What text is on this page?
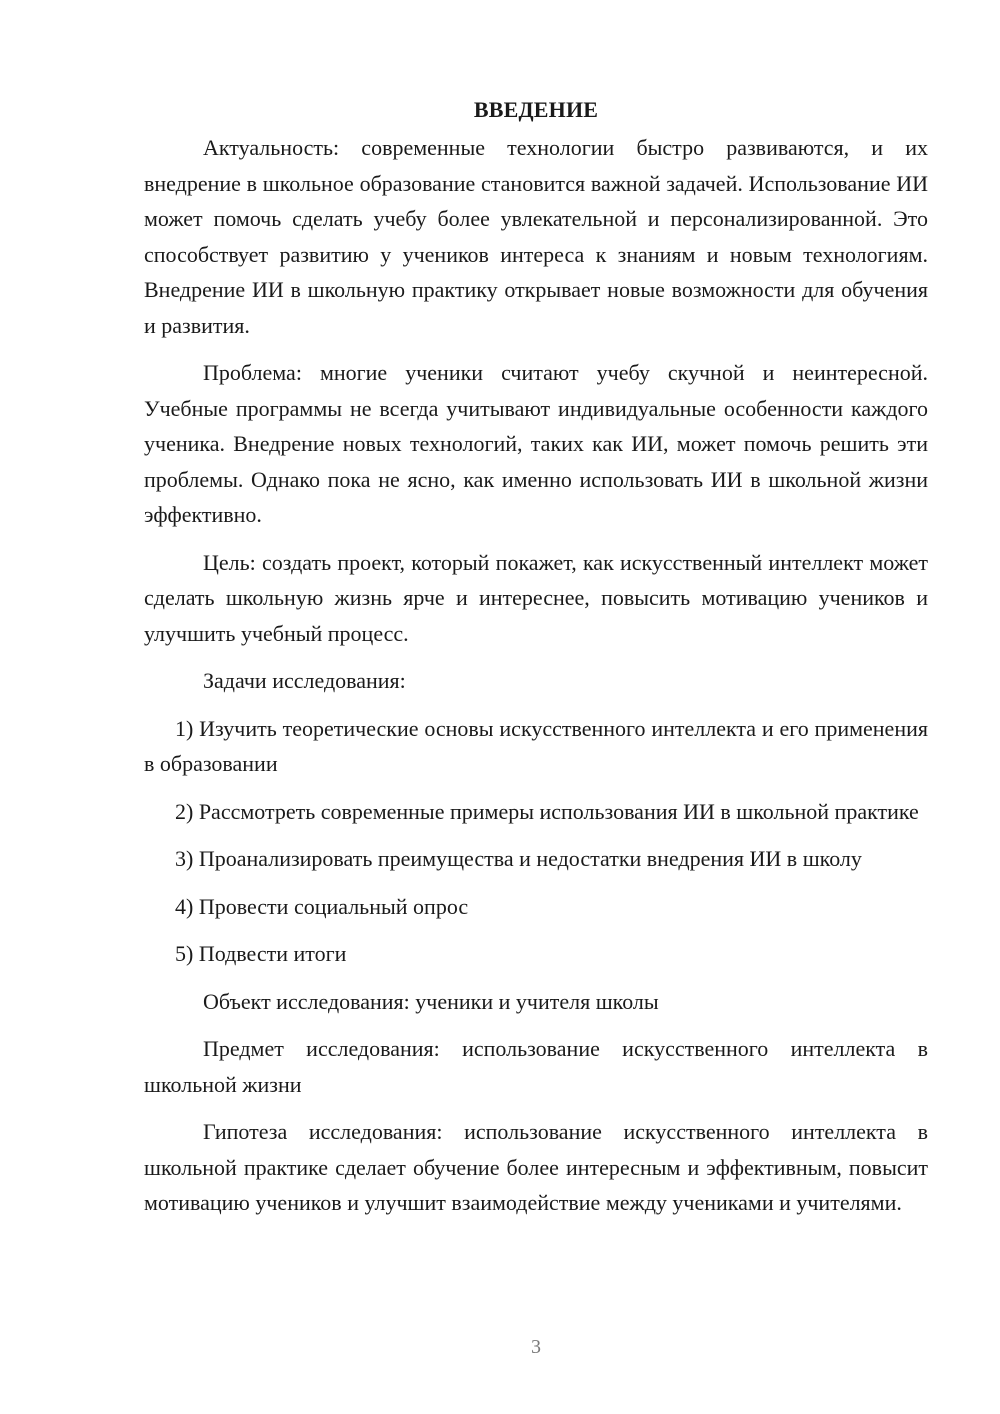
ВВЕДЕНИЕ

Актуальность: современные технологии быстро развиваются, и их внедрение в школьное образование становится важной задачей. Использование ИИ может помочь сделать учебу более увлекательной и персонализированной. Это способствует развитию у учеников интереса к знаниям и новым технологиям. Внедрение ИИ в школьную практику открывает новые возможности для обучения и развития.

Проблема: многие ученики считают учебу скучной и неинтересной. Учебные программы не всегда учитывают индивидуальные особенности каждого ученика. Внедрение новых технологий, таких как ИИ, может помочь решить эти проблемы. Однако пока не ясно, как именно использовать ИИ в школьной жизни эффективно.

Цель: создать проект, который покажет, как искусственный интеллект может сделать школьную жизнь ярче и интереснее, повысить мотивацию учеников и улучшить учебный процесс.

Задачи исследования:

1) Изучить теоретические основы искусственного интеллекта и его применения в образовании

2) Рассмотреть современные примеры использования ИИ в школьной практике

3) Проанализировать преимущества и недостатки внедрения ИИ в школу

4) Провести социальный опрос

5) Подвести итоги

Объект исследования: ученики и учителя школы

Предмет исследования: использование искусственного интеллекта в школьной жизни

Гипотеза исследования: использование искусственного интеллекта в школьной практике сделает обучение более интересным и эффективным, повысит мотивацию учеников и улучшит взаимодействие между учениками и учителями.

3
